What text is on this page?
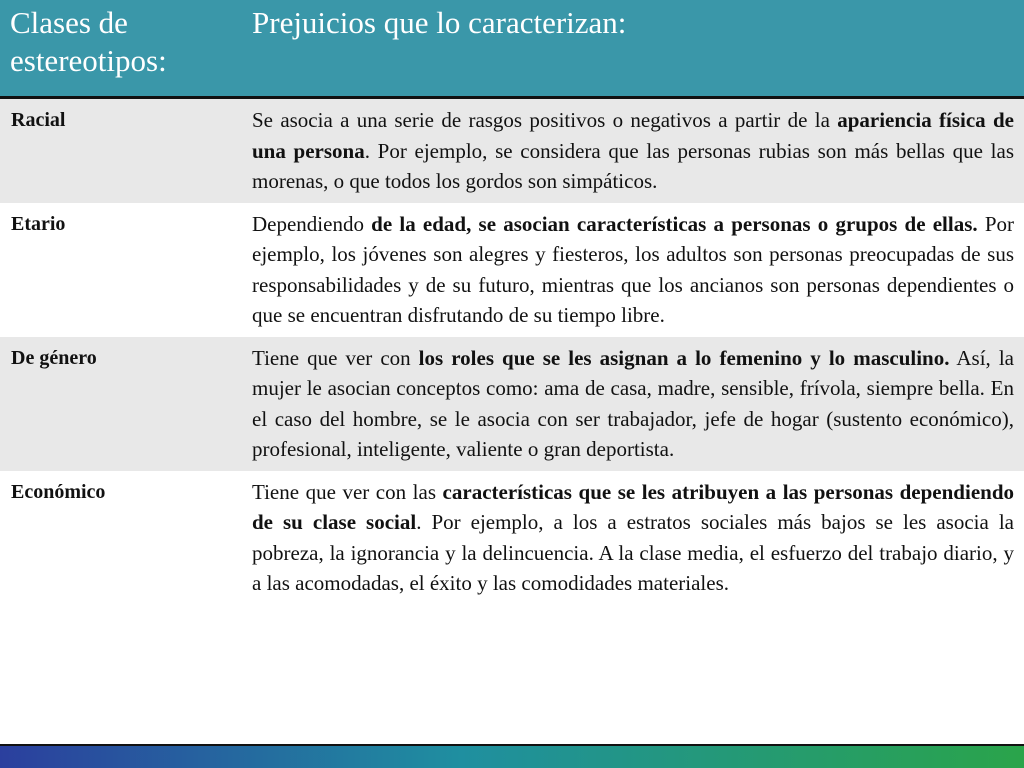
Clases de estereotipos:	Prejuicios que lo caracterizan:
Racial	Se asocia a una serie de rasgos positivos o negativos a partir de la apariencia física de una persona. Por ejemplo, se considera que las personas rubias son más bellas que las morenas, o que todos los gordos son simpáticos.
Etario	Dependiendo de la edad, se asocian características a personas o grupos de ellas. Por ejemplo, los jóvenes son alegres y fiesteros, los adultos son personas preocupadas de sus responsabilidades y de su futuro, mientras que los ancianos son personas dependientes o que se encuentran disfrutando de su tiempo libre.
De género	Tiene que ver con los roles que se les asignan a lo femenino y lo masculino. Así, la mujer le asocian conceptos como: ama de casa, madre, sensible, frívola, siempre bella. En el caso del hombre, se le asocia con ser trabajador, jefe de hogar (sustento económico), profesional, inteligente, valiente o gran deportista.
Económico	Tiene que ver con las características que se les atribuyen a las personas dependiendo de su clase social. Por ejemplo, a los a estratos sociales más bajos se les asocia la pobreza, la ignorancia y la delincuencia. A la clase media, el esfuerzo del trabajo diario, y a las acomodadas, el éxito y las comodidades materiales.
